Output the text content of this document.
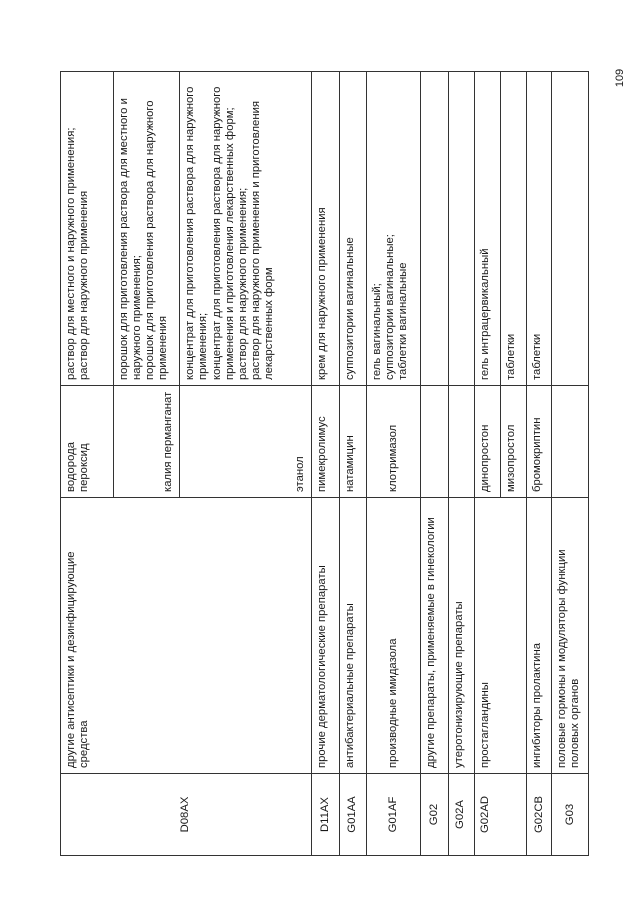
109
D08AX	другие антисептики и дезинфицирующие средства	водорода пероксид	раствор для местного и наружного применения; раствор для наружного применения

		калия перманганат	порошок для приготовления раствора для местного и наружного применения; порошок для приготовления раствора для наружного применения

		этанол	концентрат для приготовления раствора для наружного применения; концентрат для приготовления раствора для наружного применения и приготовления лекарственных форм; раствор для наружного применения; раствор для наружного применения и приготовления лекарственных форм

D11AX	прочие дерматологические препараты	пимекролимус	крем для наружного применения

G01AA	антибактериальные препараты	натамицин	суппозитории вагинальные

G01AF	производные имидазола	клотримазол	гель вагинальный; суппозитории вагинальные; таблетки вагинальные

G02	другие препараты, применяемые в гинекологии		
G02A	утеротонизирующие препараты		
G02AD	простагландины	динопростон	гель интрацервикальный

		мизопростол	таблетки

G02CB	ингибиторы пролактина	бромокриптин	таблетки

G03	половые гормоны и модуляторы функции половых органов		
